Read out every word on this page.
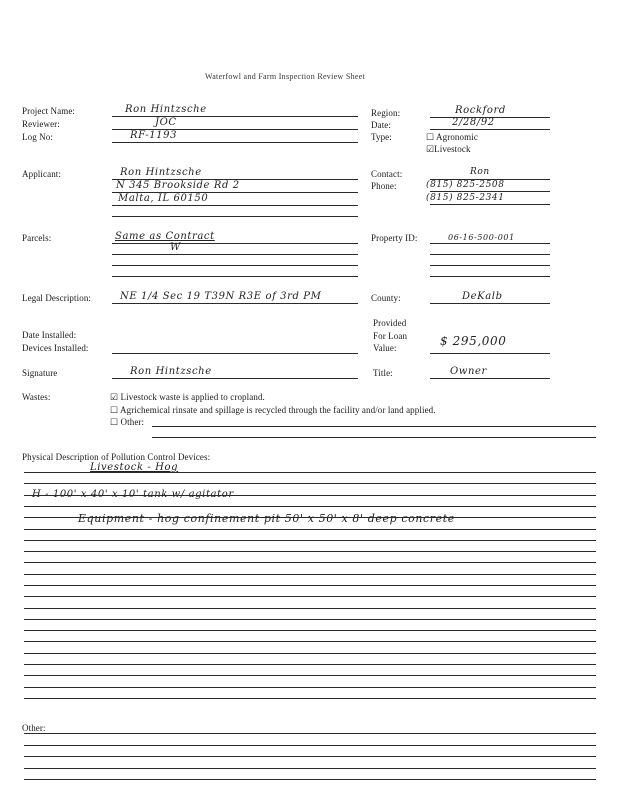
Waterfowl and Farm Inspection Review Sheet
Project Name:
Reviewer:
Log No:
Applicant:
Parcels:
Legal Description:
Date Installed:
Devices Installed:
Signature
Wastes:
Ron Hintzsche
JOC
RF-1193
Ron Hintzsche
N 345 Brookside Rd 2
Malta, IL 60150
Same as Contract
W
NE 1/4 Sec 19 T39N R3E of 3rd PM
Ron Hintzsche
Region:
Date:
Type:	☐ Agronomic
☑Livestock
Contact:
Phone:
Property ID:
County:
Provided
For Loan
Value:
Title:
Rockford
2/28/92
Ron
(815) 825-2508
(815) 825-2341
06-16-500-001
DeKalb
$ 295,000
Owner
☑ Livestock waste is applied to cropland.
☐ Agrichemical rinsate and spillage is recycled through the facility and/or land applied.
☐ Other:
Physical Description of Pollution Control Devices:
Livestock - Hog
H - 100' x 40' x 10' tank w/ agitator
Equipment - hog confinement pit 50' x 50' x 8' deep concrete
Other:
